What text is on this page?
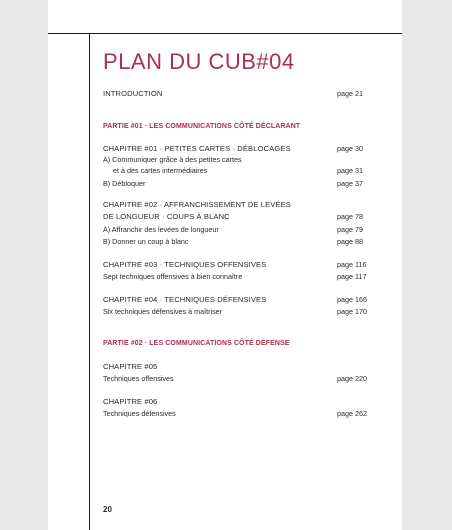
PLAN DU CUB#04
INTRODUCTION	page 21
PARTIE #01 · LES COMMUNICATIONS CÔTÉ DÉCLARANT
CHAPITRE #01 · PETITES CARTES · DÉBLOCAGES	page 30
A) Communiquer grâce à des petites cartes
et à des cartes intermédiaires	page 31
B) Débloquer	page 37
CHAPITRE #02 · AFFRANCHISSEMENT DE LEVÉES
DE LONGUEUR · COUPS À BLANC	page 78
A) Affranchir des levées de longueur	page 79
B) Donner un coup à blanc	page 88
CHAPITRE #03 · TECHNIQUES OFFENSIVES	page 116
Sept techniques offensives à bien connaître	page 117
CHAPITRE #04 · TECHNIQUES DÉFENSIVES	page 166
Six techniques défensives à maîtriser	page 170
PARTIE #02 · LES COMMUNICATIONS CÔTÉ DÉFENSE
CHAPITRE #05
Techniques offensives	page 220
CHAPITRE #06
Techniques défensives	page 262
20
